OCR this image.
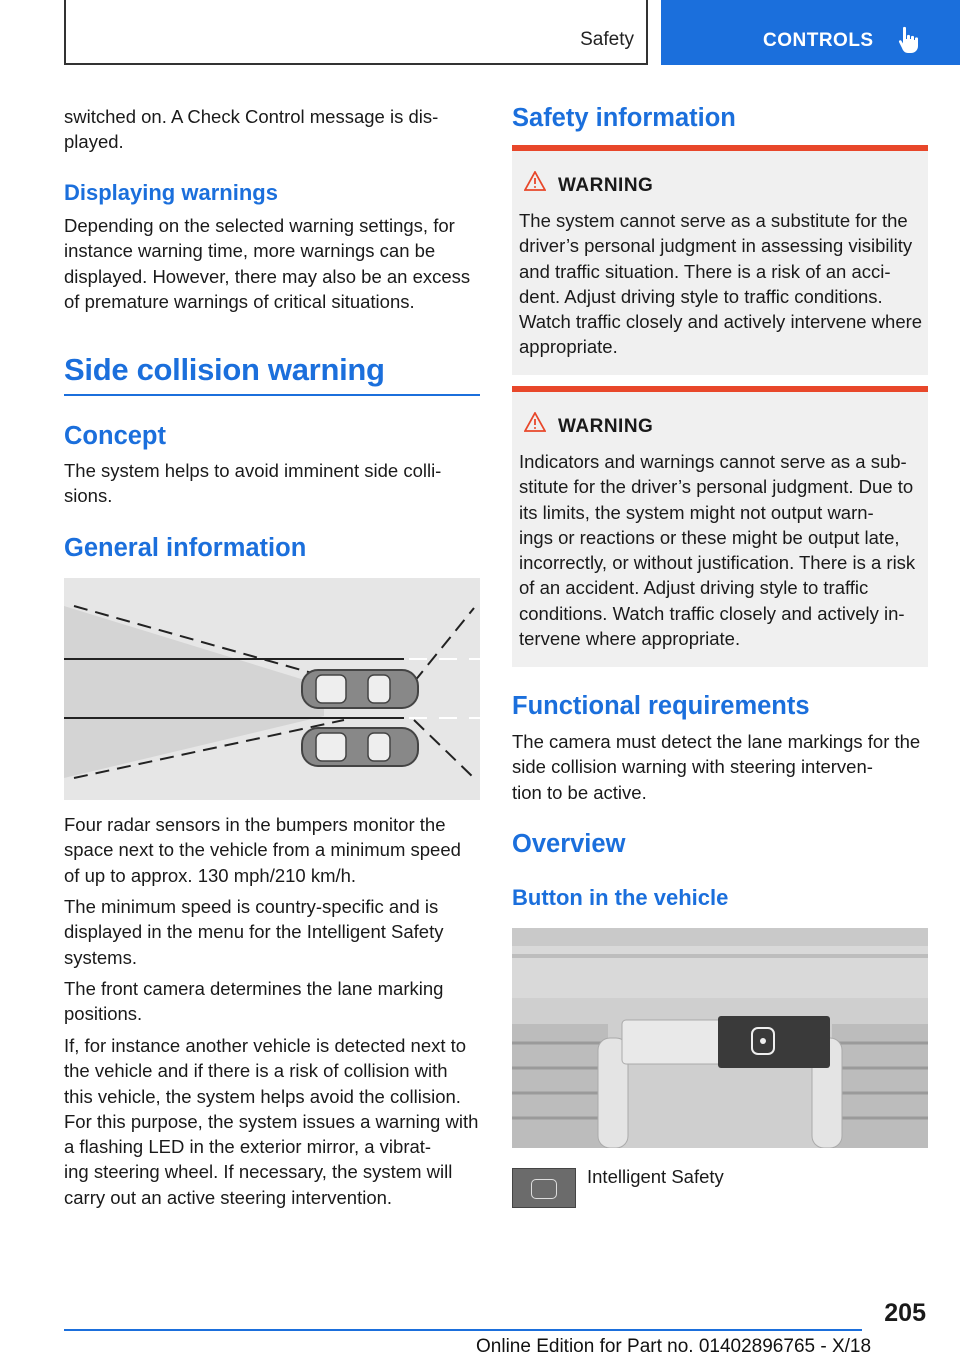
Safety	CONTROLS
switched on. A Check Control message is dis-
played.
Displaying warnings
Depending on the selected warning settings, for instance warning time, more warnings can be displayed. However, there may also be an excess of premature warnings of critical situations.
Side collision warning
Concept
The system helps to avoid imminent side colli-
sions.
General information
Four radar sensors in the bumpers monitor the space next to the vehicle from a minimum speed of up to approx. 130 mph/210 km/h.
The minimum speed is country-specific and is displayed in the menu for the Intelligent Safety systems.
The front camera determines the lane marking positions.
If, for instance another vehicle is detected next to the vehicle and if there is a risk of collision with this vehicle, the system helps avoid the collision. For this purpose, the system issues a warning with a flashing LED in the exterior mirror, a vibrat-
ing steering wheel. If necessary, the system will carry out an active steering intervention.
Safety information
WARNING
The system cannot serve as a substitute for the driver’s personal judgment in assessing visibility and traffic situation. There is a risk of an acci-
dent. Adjust driving style to traffic conditions. Watch traffic closely and actively intervene where appropriate.
WARNING
Indicators and warnings cannot serve as a sub-
stitute for the driver’s personal judgment. Due to its limits, the system might not output warn-
ings or reactions or these might be output late, incorrectly, or without justification. There is a risk of an accident. Adjust driving style to traffic conditions. Watch traffic closely and actively in-
tervene where appropriate.
Functional requirements
The camera must detect the lane markings for the side collision warning with steering interven-
tion to be active.
Overview
Button in the vehicle
Intelligent Safety
205
Online Edition for Part no. 01402896765 - X/18
